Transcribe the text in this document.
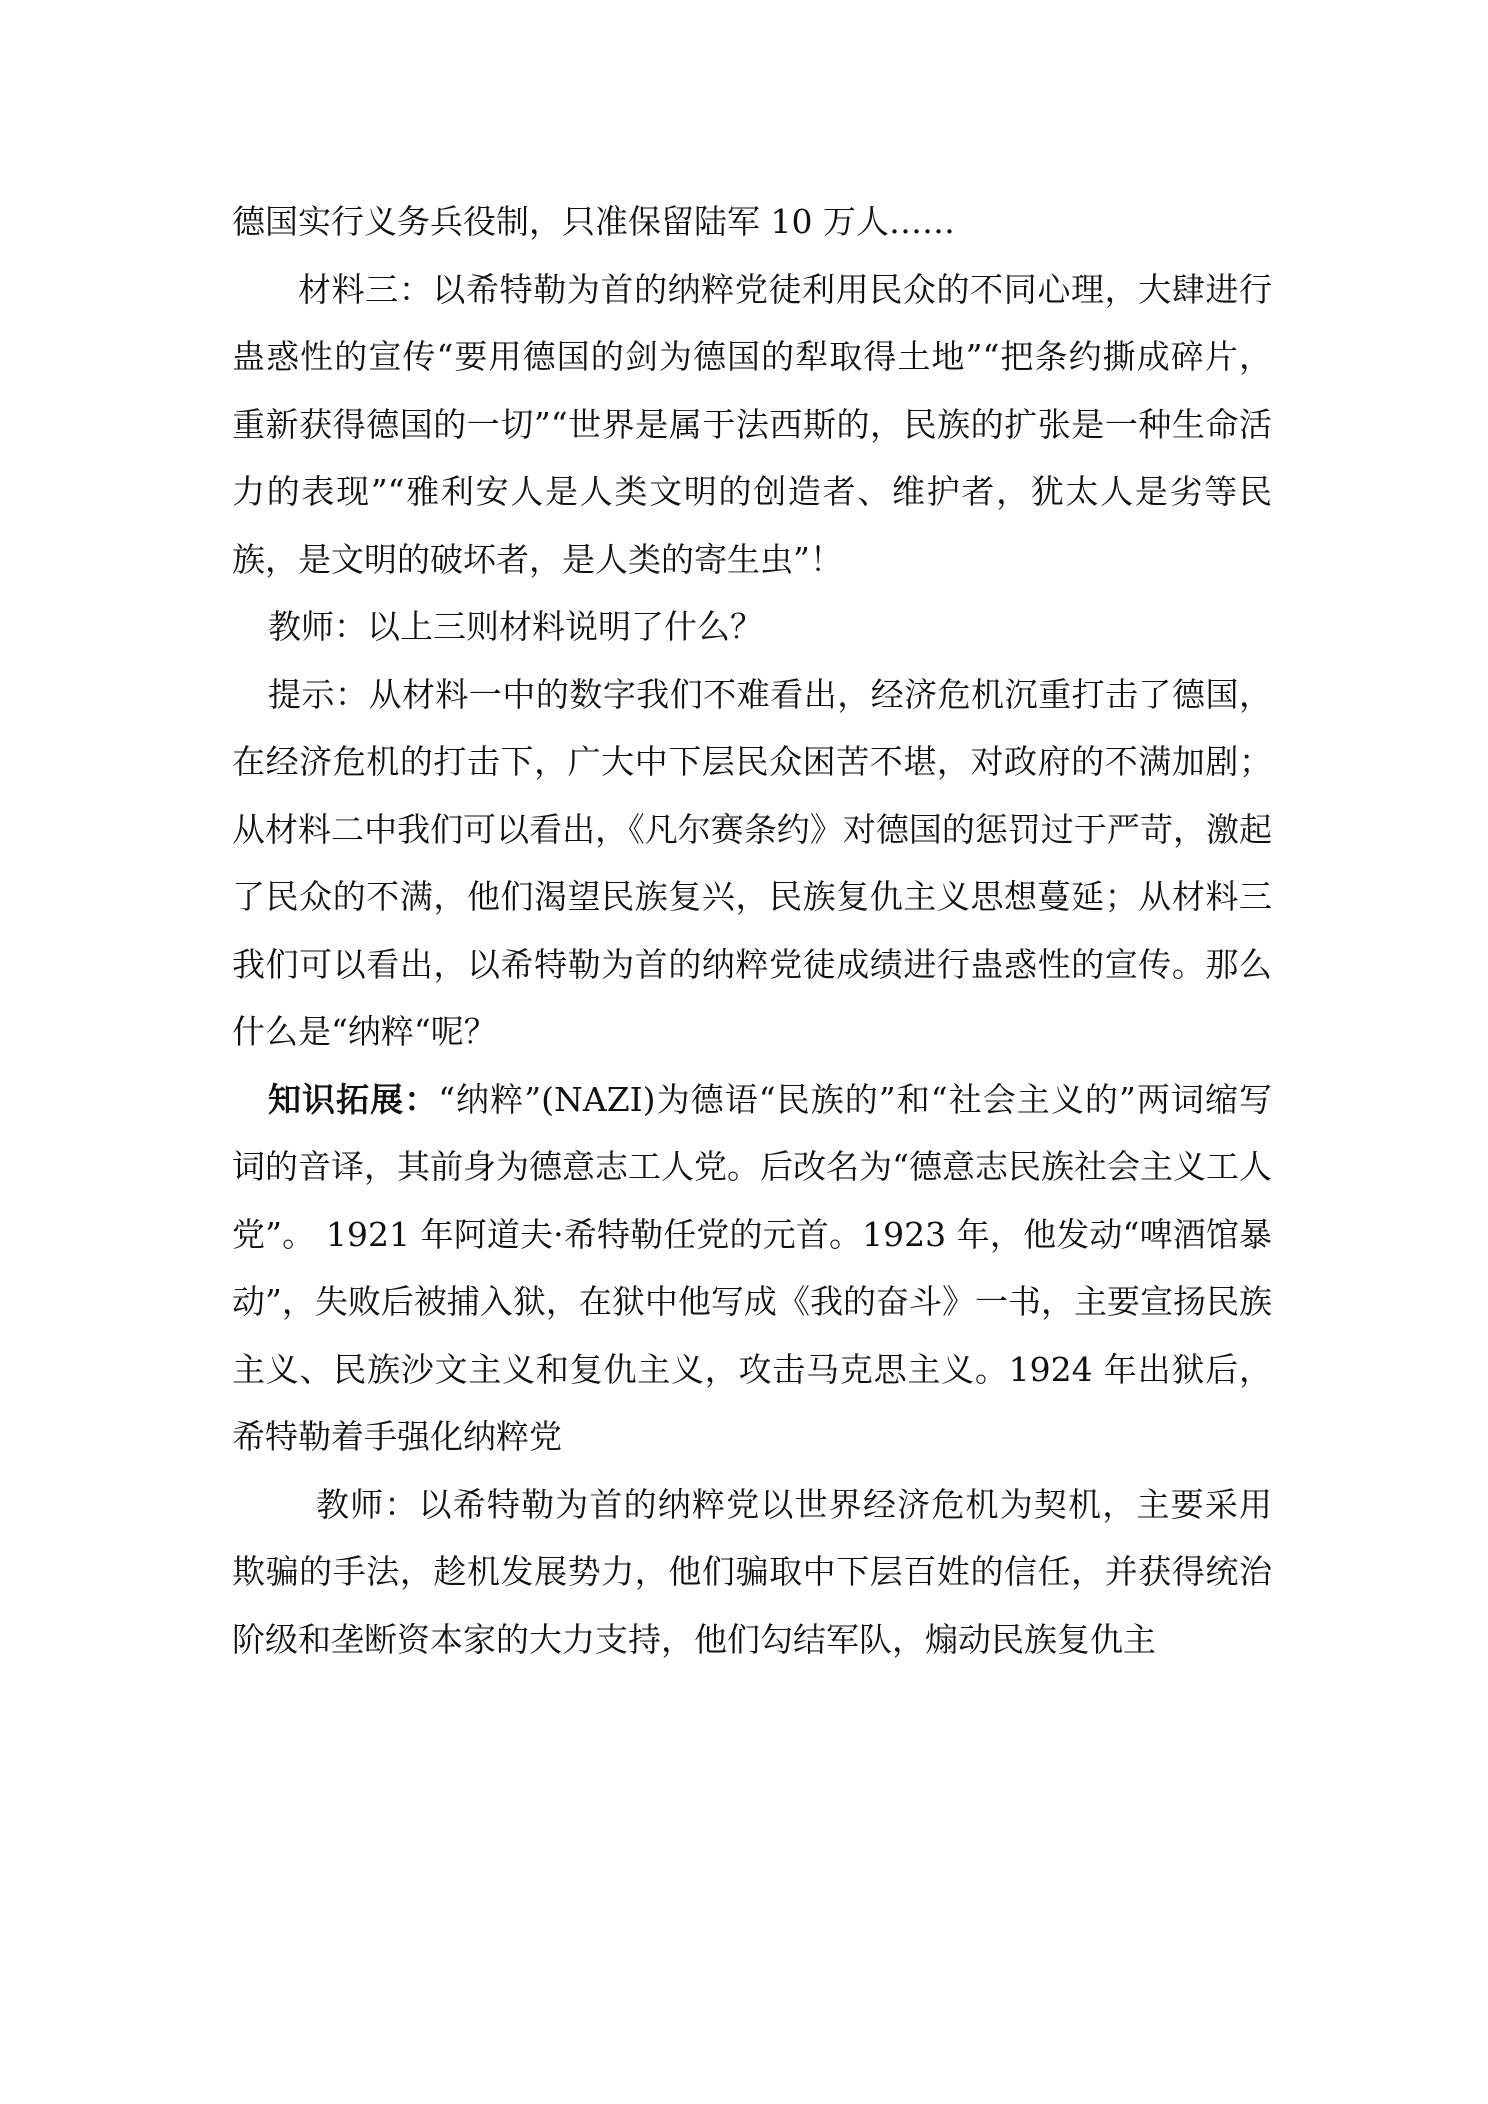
德国实行义务兵役制，只准保留陆军 10 万人……

材料三：以希特勒为首的纳粹党徒利用民众的不同心理，大肆进行蛊惑性的宣传“要用德国的剑为德国的犁取得土地”“把条约撕成碎片，重新获得德国的一切”“世界是属于法西斯的，民族的扩张是一种生命活力的表现”“雅利安人是人类文明的创造者、维护者，犹太人是劣等民族，是文明的破坏者，是人类的寄生虫”！

教师：以上三则材料说明了什么？

提示：从材料一中的数字我们不难看出，经济危机沉重打击了德国，在经济危机的打击下，广大中下层民众困苦不堪，对政府的不满加剧；从材料二中我们可以看出，《凡尔赛条约》对德国的惩罚过于严苛，激起了民众的不满，他们渴望民族复兴，民族复仇主义思想蔓延；从材料三我们可以看出，以希特勒为首的纳粹党徒成绩进行蛊惑性的宣传。那么什么是“纳粹“呢？

知识拓展：“纳粹”(NAZI)为德语“民族的”和“社会主义的”两词缩写词的音译，其前身为德意志工人党。后改名为“德意志民族社会主义工人党”。 1921 年阿道夫·希特勒任党的元首。1923 年，他发动“啤酒馆暴动”，失败后被捕入狱，在狱中他写成《我的奋斗》一书，主要宣扬民族主义、民族沙文主义和复仇主义，攻击马克思主义。1924 年出狱后，希特勒着手强化纳粹党

教师：以希特勒为首的纳粹党以世界经济危机为契机，主要采用欺骗的手法，趁机发展势力，他们骗取中下层百姓的信任，并获得统治阶级和垄断资本家的大力支持，他们勾结军队，煽动民族复仇主
